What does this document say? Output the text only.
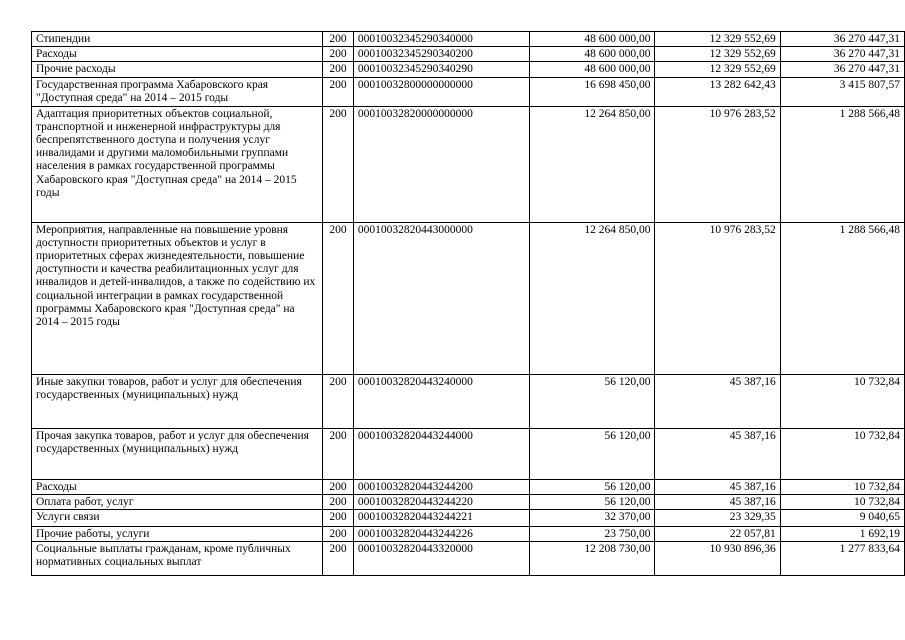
Стипендии	200	00010032345290340000	48 600 000,00	12 329 552,69	36 270 447,31
Расходы	200	00010032345290340200	48 600 000,00	12 329 552,69	36 270 447,31
Прочие расходы	200	00010032345290340290	48 600 000,00	12 329 552,69	36 270 447,31
Государственная программа Хабаровского края "Доступная среда" на 2014 – 2015 годы	200	00010032800000000000	16 698 450,00	13 282 642,43	3 415 807,57
Адаптация приоритетных объектов социальной, транспортной и инженерной инфраструктуры для беспрепятственного доступа и получения услуг инвалидами и другими маломобильными группами населения в рамках государственной программы Хабаровского края "Доступная среда" на 2014 – 2015 годы	200	00010032820000000000	12 264 850,00	10 976 283,52	1 288 566,48
Мероприятия, направленные на повышение уровня доступности приоритетных объектов и услуг в приоритетных сферах жизнедеятельности, повышение доступности и качества реабилитационных услуг для инвалидов и детей-инвалидов, а также по содействию их социальной интеграции в рамках государственной программы Хабаровского края "Доступная среда" на 2014 – 2015 годы	200	00010032820443000000	12 264 850,00	10 976 283,52	1 288 566,48
Иные закупки товаров, работ и услуг для обеспечения государственных (муниципальных) нужд	200	00010032820443240000	56 120,00	45 387,16	10 732,84
Прочая закупка товаров, работ и услуг для обеспечения государственных (муниципальных) нужд	200	00010032820443244000	56 120,00	45 387,16	10 732,84
Расходы	200	00010032820443244200	56 120,00	45 387,16	10 732,84
Оплата работ, услуг	200	00010032820443244220	56 120,00	45 387,16	10 732,84
Услуги связи	200	00010032820443244221	32 370,00	23 329,35	9 040,65
Прочие работы, услуги	200	00010032820443244226	23 750,00	22 057,81	1 692,19
Социальные выплаты гражданам, кроме публичных нормативных социальных выплат	200	00010032820443320000	12 208 730,00	10 930 896,36	1 277 833,64
